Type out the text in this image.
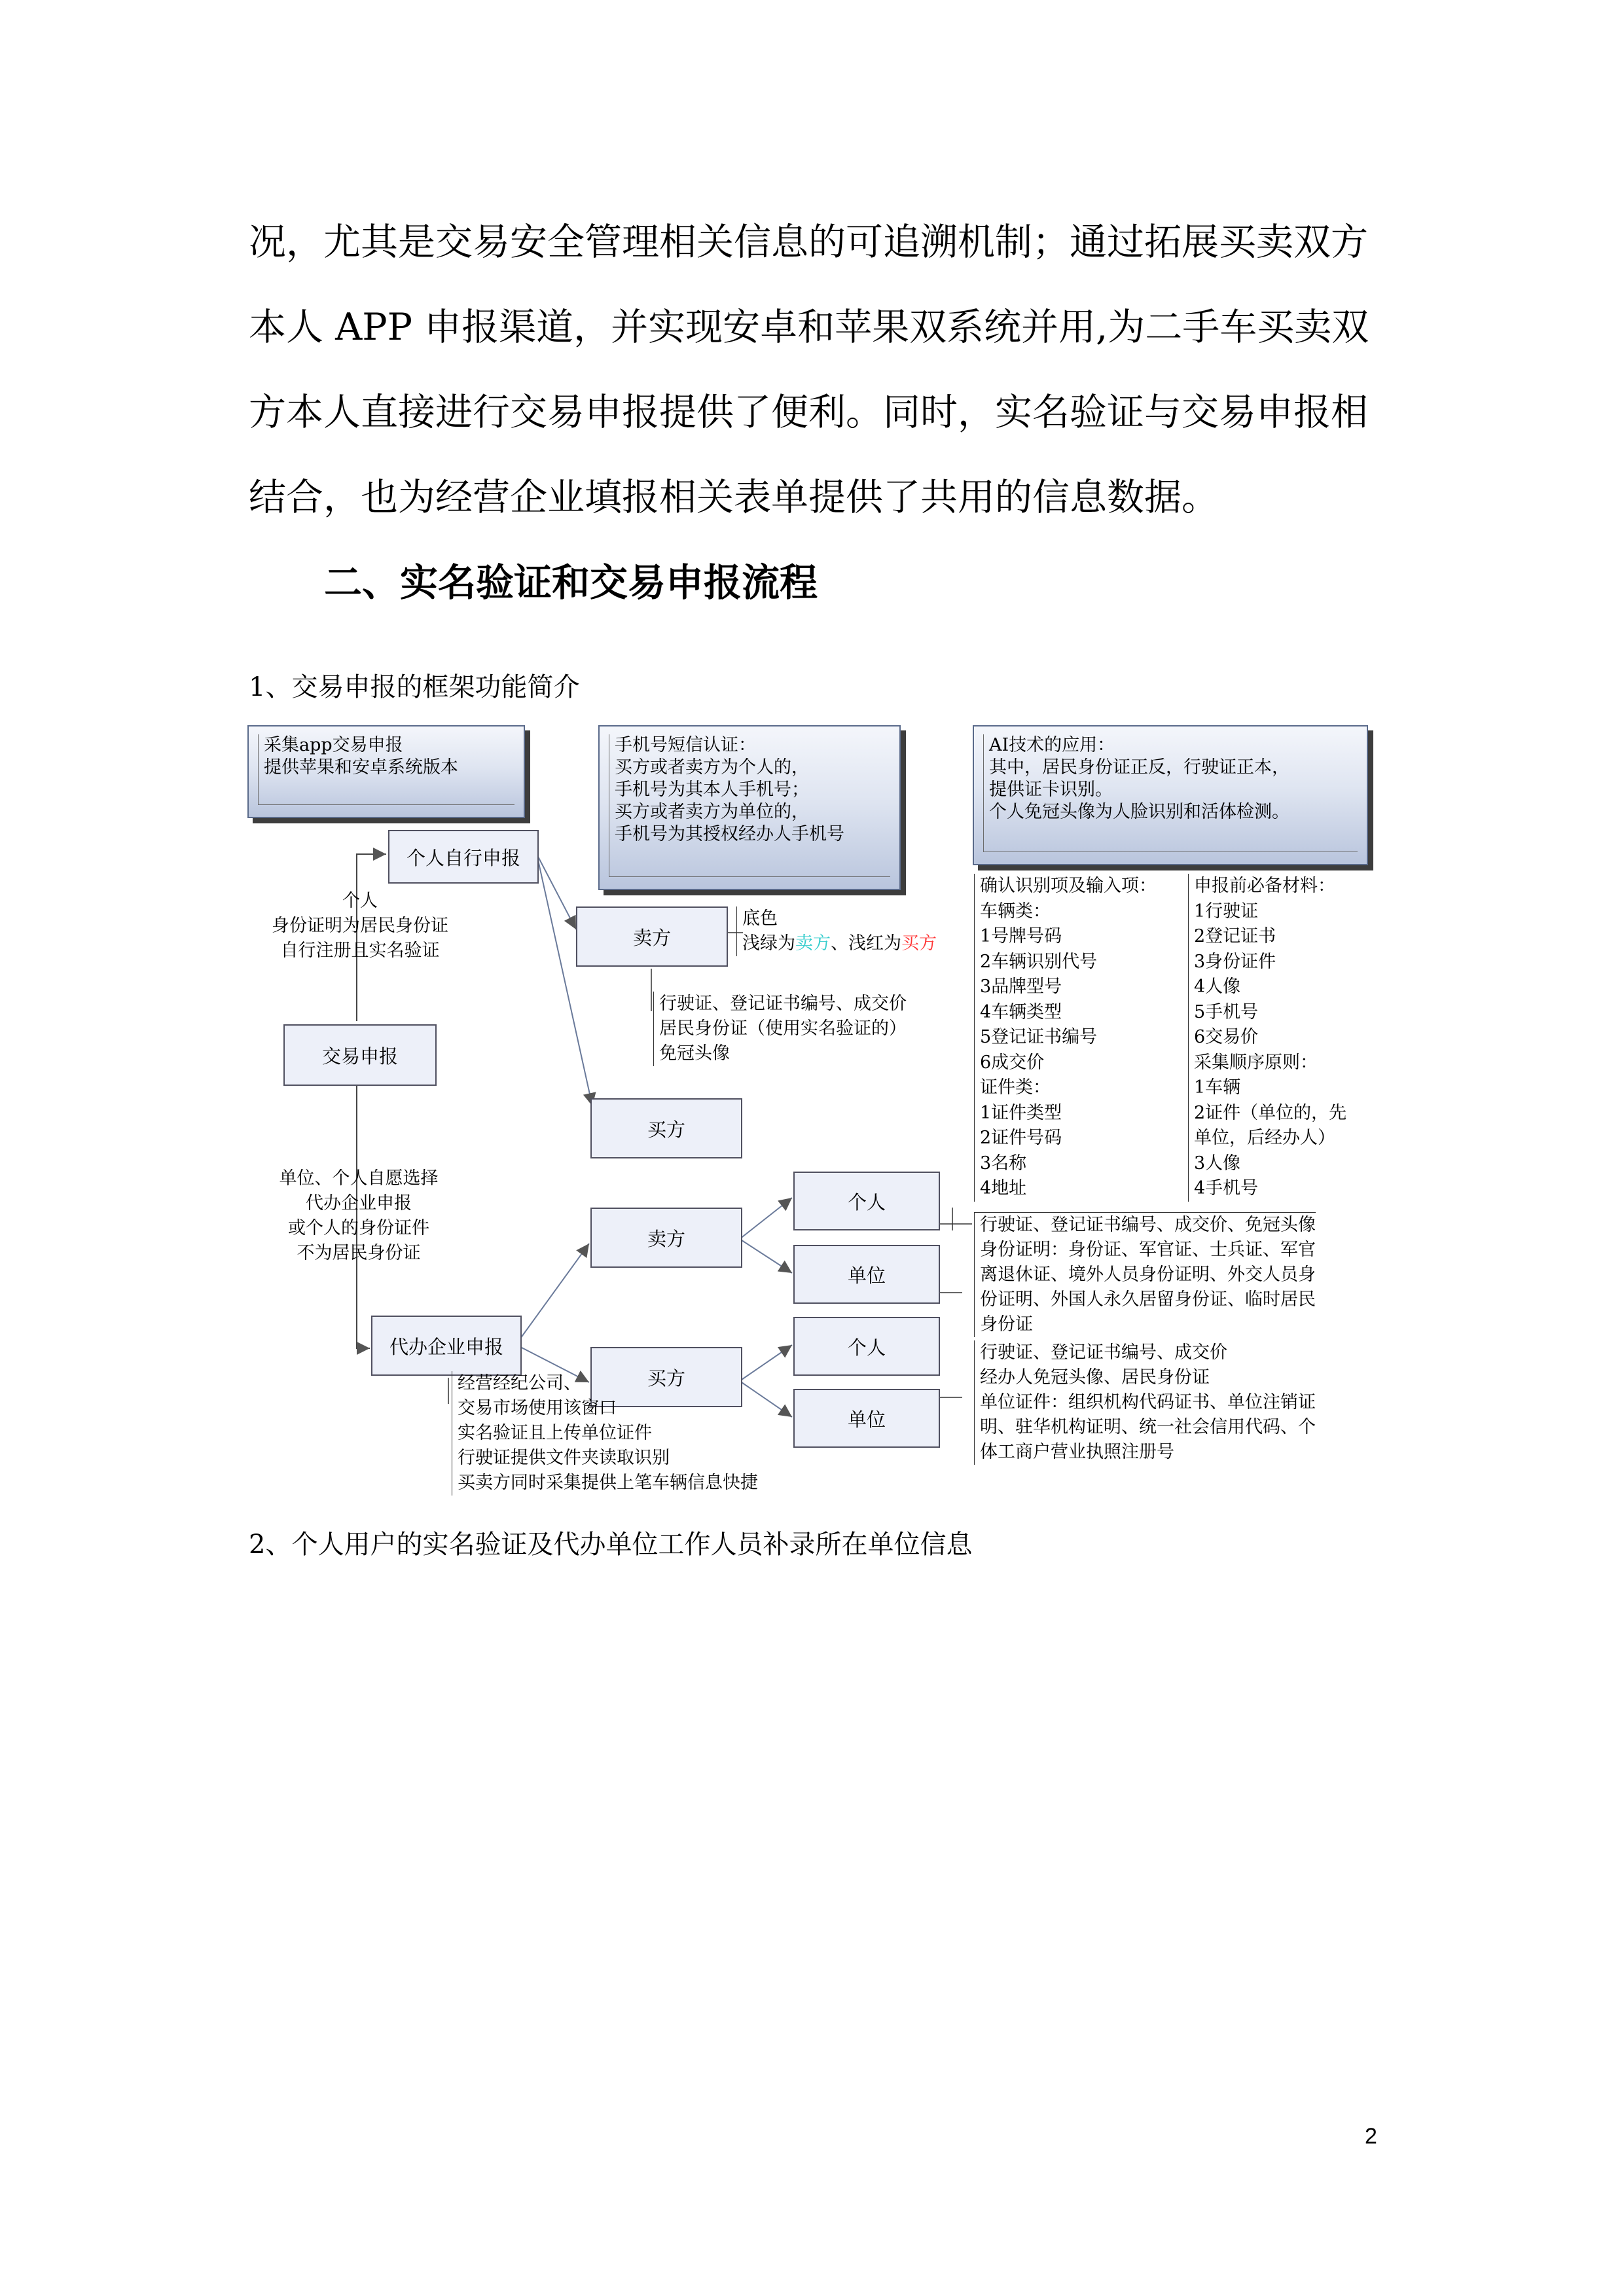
况，尤其是交易安全管理相关信息的可追溯机制；通过拓展买卖双方
本人 APP 申报渠道，并实现安卓和苹果双系统并用,为二手车买卖双
方本人直接进行交易申报提供了便利。同时，实名验证与交易申报相
结合，也为经营企业填报相关表单提供了共用的信息数据。
二、实名验证和交易申报流程
1、交易申报的框架功能简介
采集app交易申报
提供苹果和安卓系统版本
手机号短信认证：
买方或者卖方为个人的，
手机号为其本人手机号；
买方或者卖方为单位的，
手机号为其授权经办人手机号
AI技术的应用：
其中，居民身份证正反，行驶证正本，
提供证卡识别。
个人免冠头像为人脸识别和活体检测。
个人自行申报
交易申报
卖方
买方
卖方
代办企业申报
买方
个人
单位
个人
单位
个人
身份证明为居民身份证
自行注册且实名验证
底色
浅绿为卖方、浅红为买方
行驶证、登记证书编号、成交价
居民身份证（使用实名验证的）
免冠头像
确认识别项及输入项：
车辆类：
1号牌号码
2车辆识别代号
3品牌型号
4车辆类型
5登记证书编号
6成交价
证件类：
1证件类型
2证件号码
3名称
4地址
申报前必备材料：
1行驶证
2登记证书
3身份证件
4人像
5手机号
6交易价
采集顺序原则：
1车辆
2证件（单位的，先
单位，后经办人）
3人像
4手机号
单位、个人自愿选择
代办企业申报
或个人的身份证件
不为居民身份证
行驶证、登记证书编号、成交价、免冠头像
身份证明：身份证、军官证、士兵证、军官
离退休证、境外人员身份证明、外交人员身
份证明、外国人永久居留身份证、临时居民
身份证
行驶证、登记证书编号、成交价
经办人免冠头像、居民身份证
单位证件：组织机构代码证书、单位注销证
明、驻华机构证明、统一社会信用代码、个
体工商户营业执照注册号
经营经纪公司、
交易市场使用该窗口
实名验证且上传单位证件
行驶证提供文件夹读取识别
买卖方同时采集提供上笔车辆信息快捷
2、个人用户的实名验证及代办单位工作人员补录所在单位信息
2
